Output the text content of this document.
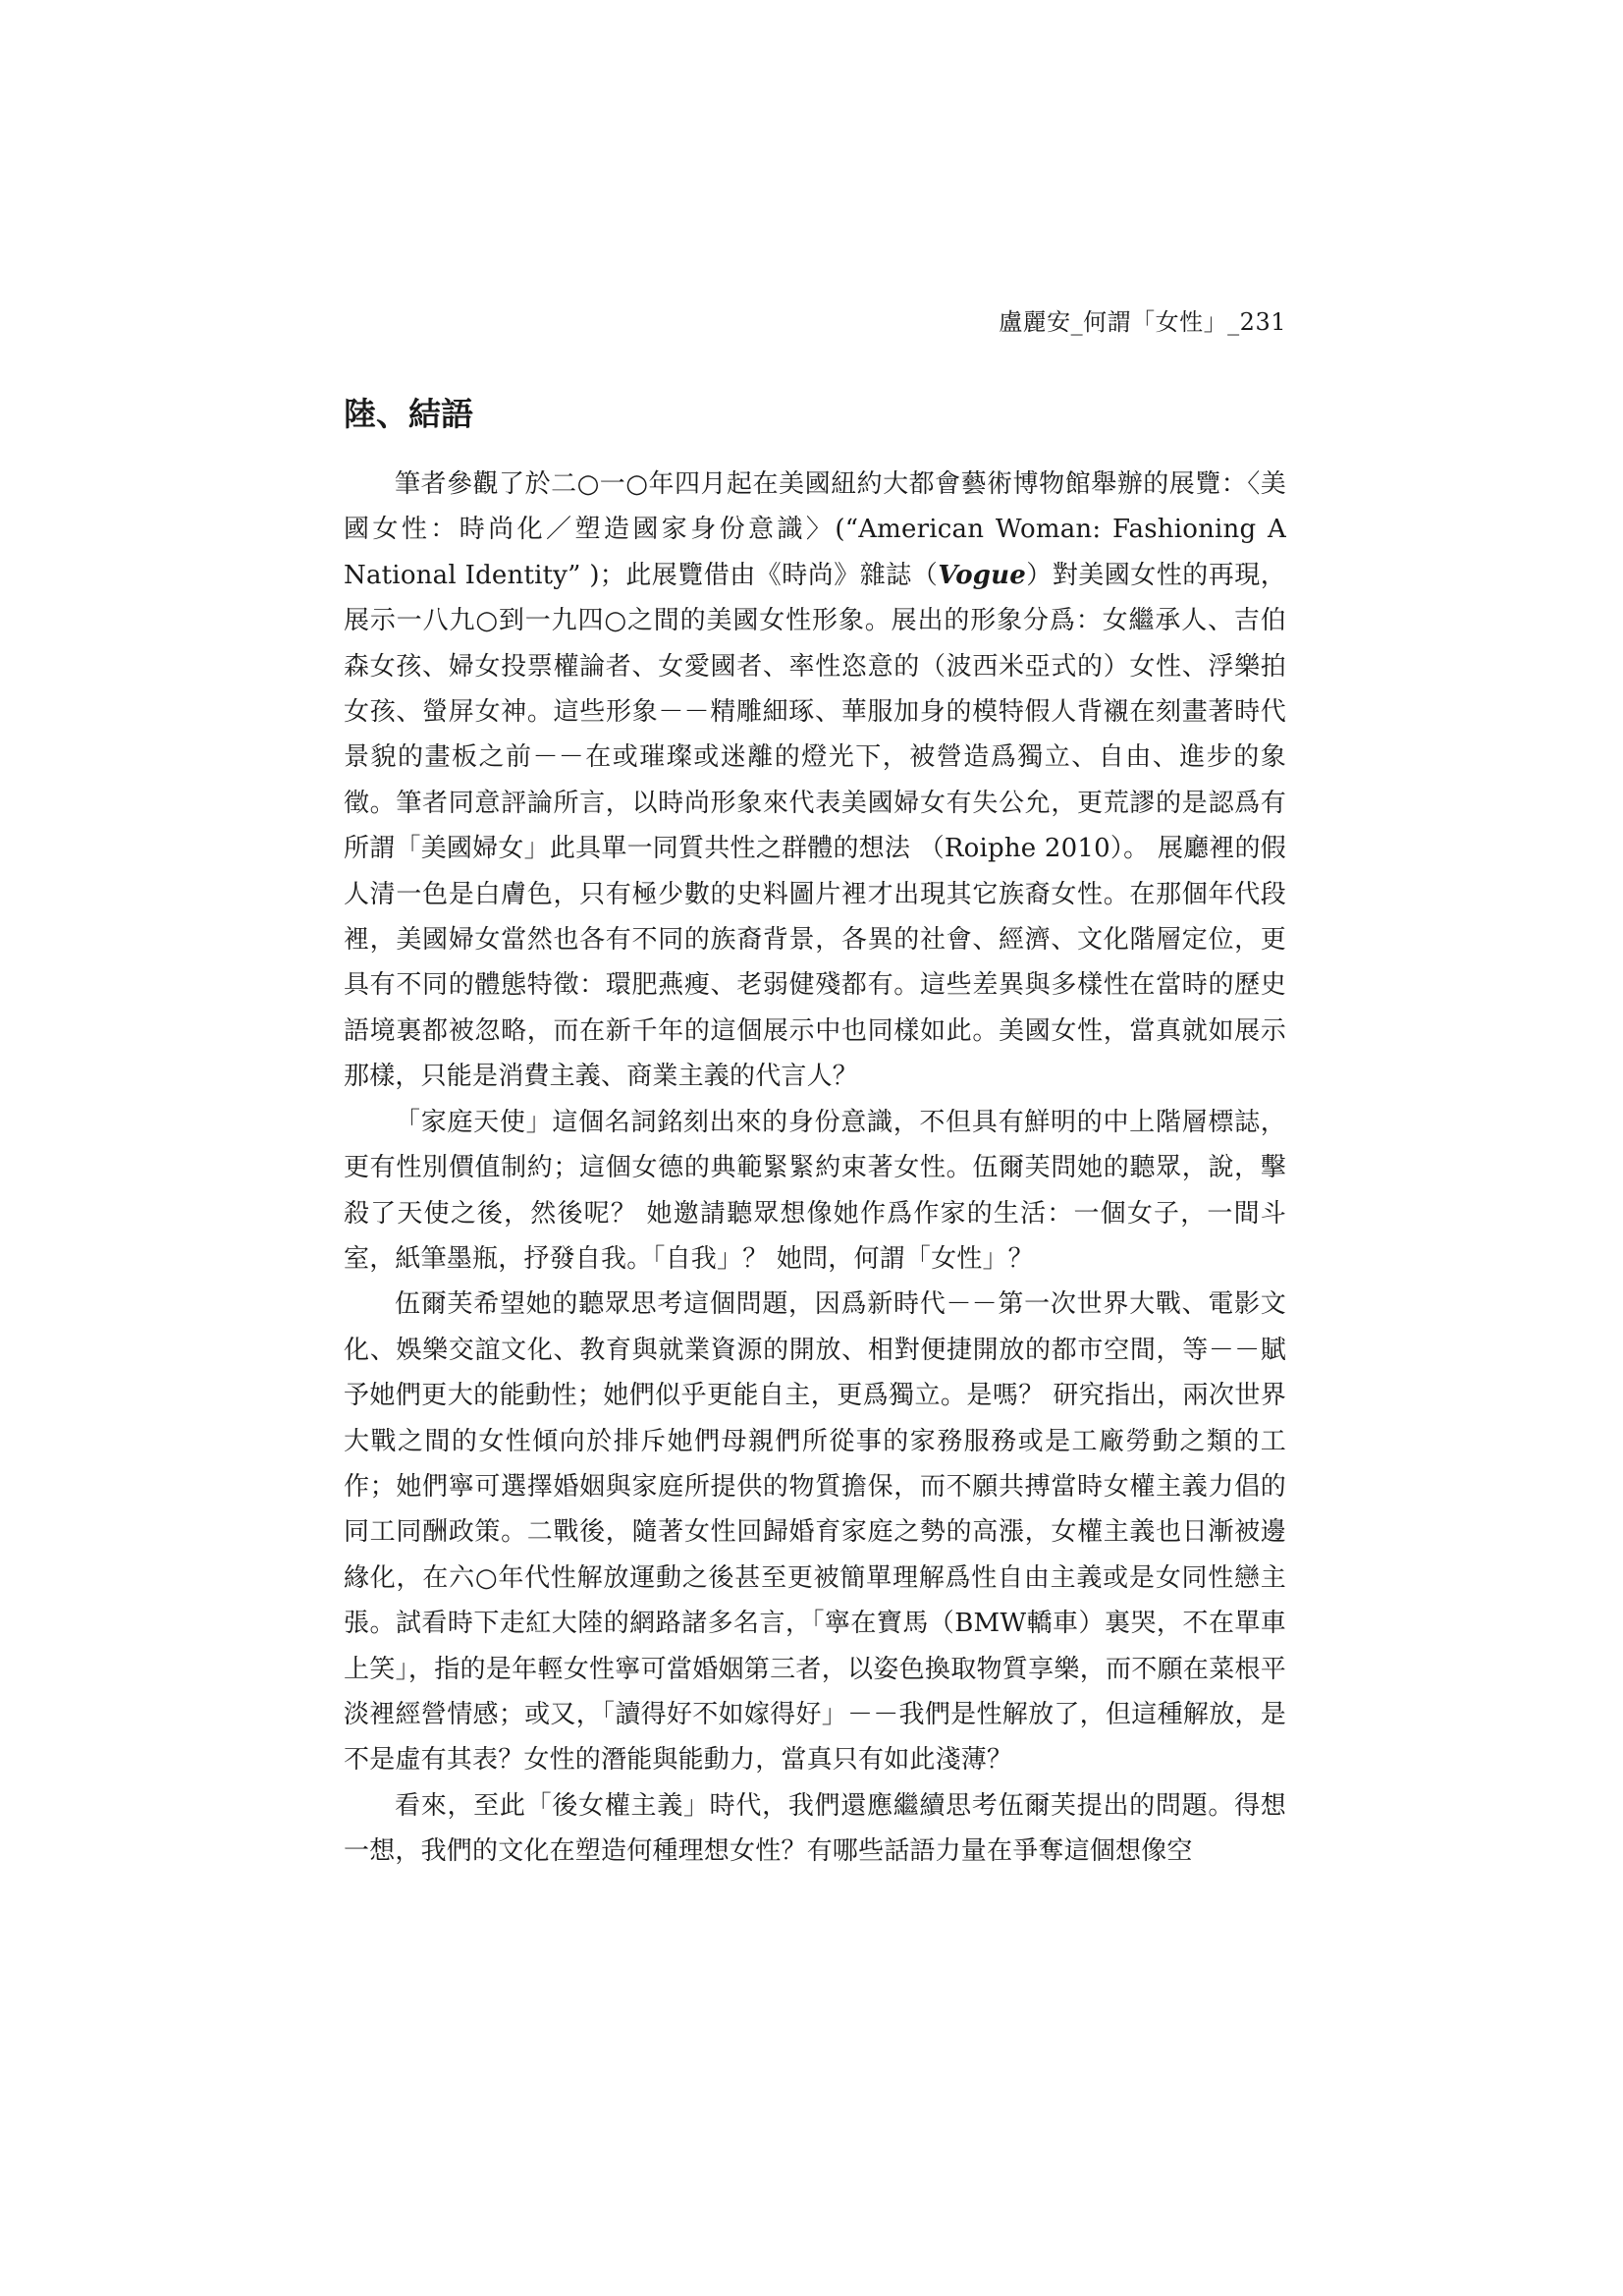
盧麗安_何謂「女性」_231
陸、結語

筆者參觀了於二○一○年四月起在美國紐約大都會藝術博物館舉辦的展覽：〈美國女性：時尚化／塑造國家身份意識〉(“American Woman: Fashioning A National Identity” )；此展覽借由《時尚》雜誌（Vogue）對美國女性的再現，展示一八九○到一九四○之間的美國女性形象。展出的形象分爲：女繼承人、吉伯森女孩、婦女投票權論者、女愛國者、率性恣意的（波西米亞式的）女性、浮樂拍女孩、螢屏女神。這些形象－－精雕細琢、華服加身的模特假人背襯在刻畫著時代景貌的畫板之前－－在或璀璨或迷離的燈光下，被營造爲獨立、自由、進步的象徵。筆者同意評論所言，以時尚形象來代表美國婦女有失公允，更荒謬的是認爲有所謂「美國婦女」此具單一同質共性之群體的想法 （Roiphe 2010）。 展廳裡的假人清一色是白膚色，只有極少數的史料圖片裡才出現其它族裔女性。在那個年代段裡，美國婦女當然也各有不同的族裔背景，各異的社會、經濟、文化階層定位，更具有不同的體態特徵：環肥燕瘦、老弱健殘都有。這些差異與多樣性在當時的歷史語境裏都被忽略，而在新千年的這個展示中也同樣如此。美國女性，當真就如展示那樣，只能是消費主義、商業主義的代言人？

「家庭天使」這個名詞銘刻出來的身份意識，不但具有鮮明的中上階層標誌，更有性別價值制約；這個女德的典範緊緊約束著女性。伍爾芙問她的聽眾，說，擊殺了天使之後，然後呢？ 她邀請聽眾想像她作爲作家的生活：一個女子，一間斗室，紙筆墨瓶，抒發自我。「自我」？ 她問，何謂「女性」？

伍爾芙希望她的聽眾思考這個問題，因爲新時代－－第一次世界大戰、電影文化、娛樂交誼文化、教育與就業資源的開放、相對便捷開放的都市空間，等－－賦予她們更大的能動性；她們似乎更能自主，更爲獨立。是嗎？ 研究指出，兩次世界大戰之間的女性傾向於排斥她們母親們所從事的家務服務或是工廠勞動之類的工作；她們寧可選擇婚姻與家庭所提供的物質擔保，而不願共搏當時女權主義力倡的同工同酬政策。二戰後，隨著女性回歸婚育家庭之勢的高漲，女權主義也日漸被邊緣化，在六○年代性解放運動之後甚至更被簡單理解爲性自由主義或是女同性戀主張。試看時下走紅大陸的網路諸多名言，「寧在寶馬（BMW轎車）裏哭，不在單車上笑」，指的是年輕女性寧可當婚姻第三者，以姿色換取物質享樂，而不願在菜根平淡裡經營情感；或又，「讀得好不如嫁得好」－－我們是性解放了，但這種解放，是不是虛有其表？女性的潛能與能動力，當真只有如此淺薄？

看來，至此「後女權主義」時代，我們還應繼續思考伍爾芙提出的問題。得想一想，我們的文化在塑造何種理想女性？有哪些話語力量在爭奪這個想像空
